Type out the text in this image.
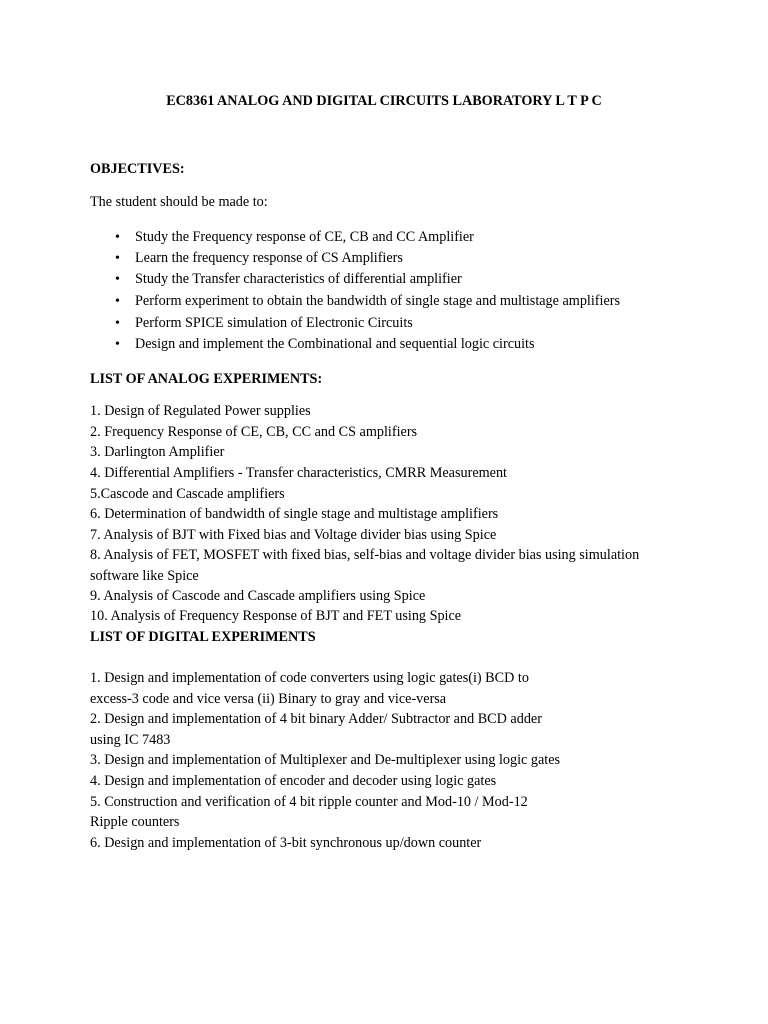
EC8361 ANALOG AND DIGITAL CIRCUITS LABORATORY L T P C

OBJECTIVES:

The student should be made to:

• Study the Frequency response of CE, CB and CC Amplifier

• Learn the frequency response of CS Amplifiers

• Study the Transfer characteristics of differential amplifier

• Perform experiment to obtain the bandwidth of single stage and multistage amplifiers

• Perform SPICE simulation of Electronic Circuits

• Design and implement the Combinational and sequential logic circuits

LIST OF ANALOG EXPERIMENTS:

1. Design of Regulated Power supplies

2. Frequency Response of CE, CB, CC and CS amplifiers

3. Darlington Amplifier

4. Differential Amplifiers - Transfer characteristics, CMRR Measurement

5.Cascode and Cascade amplifiers

6. Determination of bandwidth of single stage and multistage amplifiers

7. Analysis of BJT with Fixed bias and Voltage divider bias using Spice

8. Analysis of FET, MOSFET with fixed bias, self-bias and voltage divider bias using simulation

software like Spice

9. Analysis of Cascode and Cascade amplifiers using Spice

10. Analysis of Frequency Response of BJT and FET using Spice

LIST OF DIGITAL EXPERIMENTS

1. Design and implementation of code converters using logic gates(i) BCD to

excess-3 code and vice versa (ii) Binary to gray and vice-versa

2. Design and implementation of 4 bit binary Adder/ Subtractor and BCD adder

using IC 7483

3. Design and implementation of Multiplexer and De-multiplexer using logic gates

4. Design and implementation of encoder and decoder using logic gates

5. Construction and verification of 4 bit ripple counter and Mod-10 / Mod-12

Ripple counters

6. Design and implementation of 3-bit synchronous up/down counter
